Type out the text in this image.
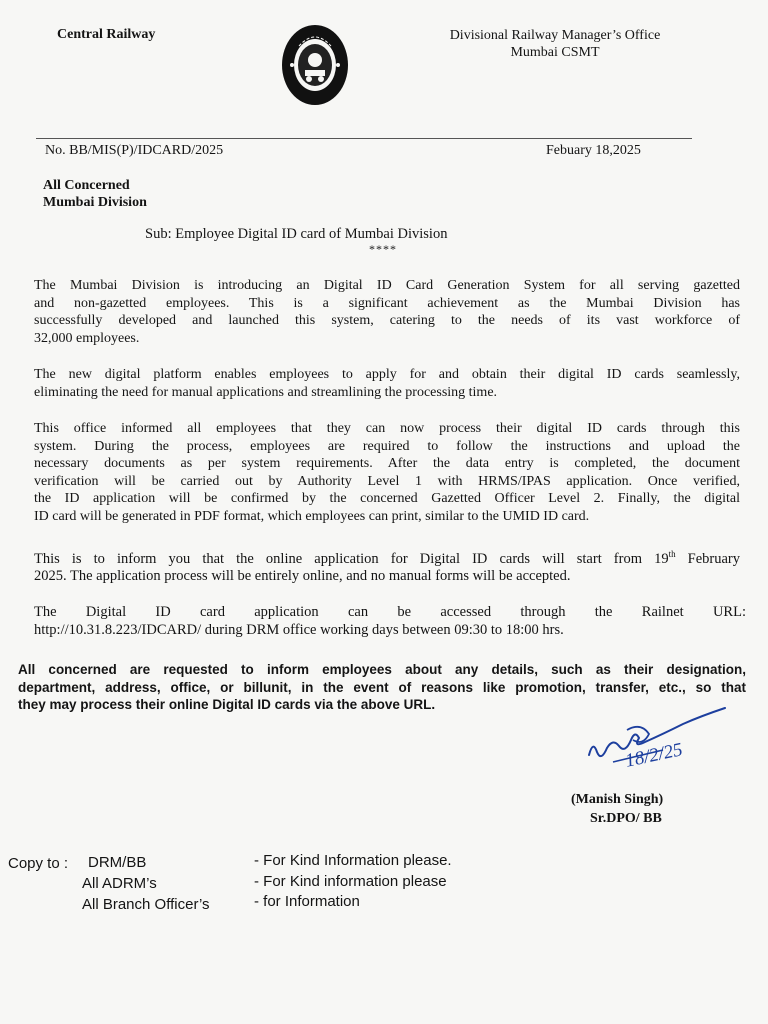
Central Railway	Divisional Railway Manager’s Office
Mumbai CSMT
No. BB/MIS(P)/IDCARD/2025	Febuary 18,2025
All Concerned
Mumbai Division
Sub: Employee Digital ID card of Mumbai Division
****
The Mumbai Division is introducing an Digital ID Card Generation System for all serving gazetted
and non-gazetted employees. This is a significant achievement as the Mumbai Division has
successfully developed and launched this system, catering to the needs of its vast workforce of
32,000 employees.
The new digital platform enables employees to apply for and obtain their digital ID cards seamlessly,
eliminating the need for manual applications and streamlining the processing time.
This office informed all employees that they can now process their digital ID cards through this
system. During the process, employees are required to follow the instructions and upload the
necessary documents as per system requirements. After the data entry is completed, the document
verification will be carried out by Authority Level 1 with HRMS/IPAS application. Once verified,
the ID application will be confirmed by the concerned Gazetted Officer Level 2. Finally, the digital
ID card will be generated in PDF format, which employees can print, similar to the UMID ID card.
This is to inform you that the online application for Digital ID cards will start from 19th February
2025. The application process will be entirely online, and no manual forms will be accepted.
The Digital ID card application can be accessed through the Railnet URL:
http://10.31.8.223/IDCARD/ during DRM office working days between 09:30 to 18:00 hrs.
All concerned are requested to inform employees about any details, such as their designation,
department, address, office, or billunit, in the event of reasons like promotion, transfer, etc., so that
they may process their online Digital ID cards via the above URL.
18/2/25
(Manish Singh)
Sr.DPO/ BB
Copy to : DRM/BB	- For Kind Information please.
All ADRM’s	- For Kind information please
All Branch Officer’s	- for Information
